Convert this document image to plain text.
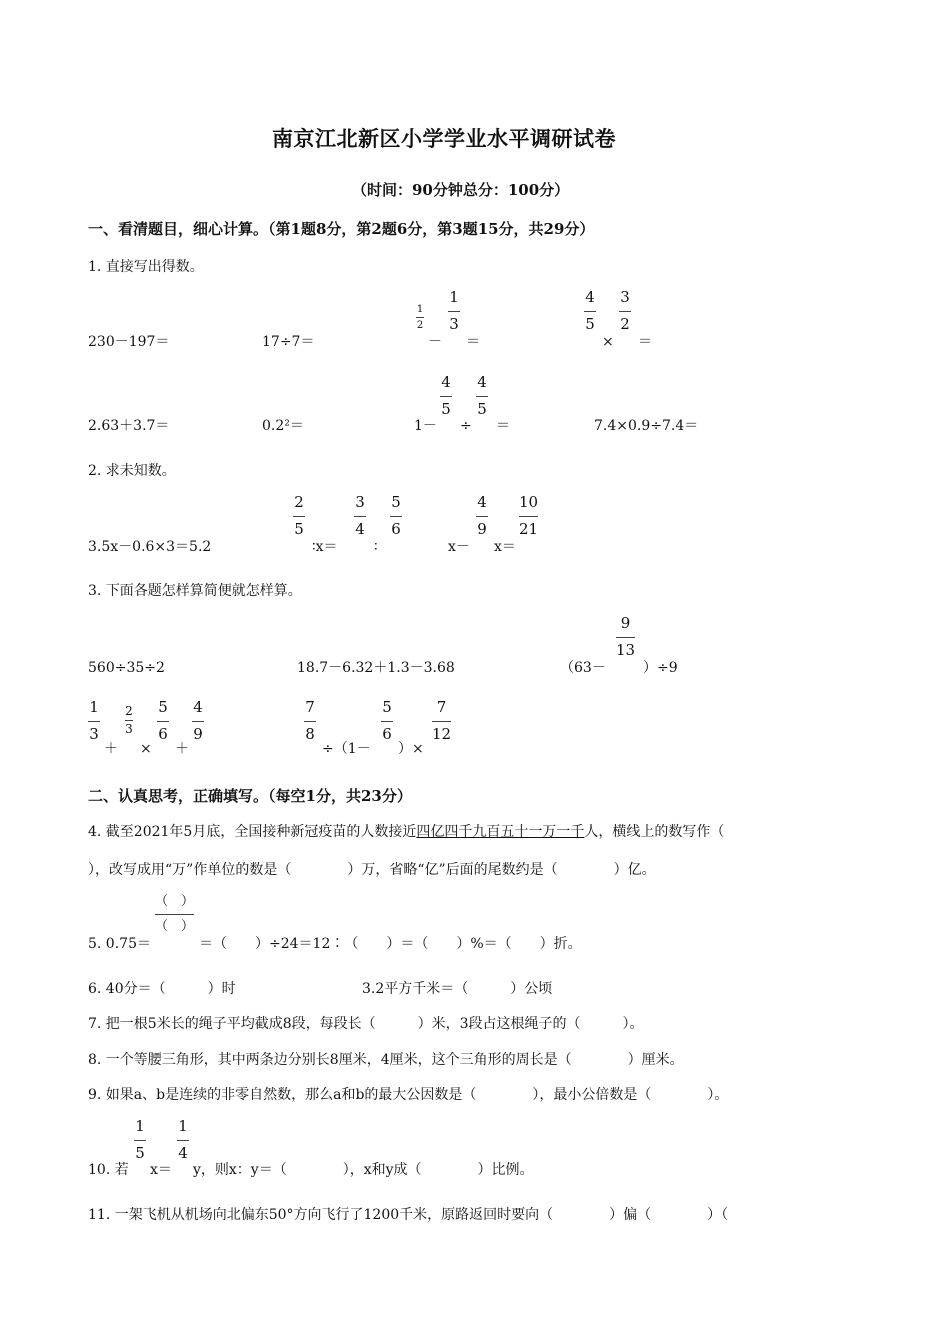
南京江北新区小学学业水平调研试卷
（时间：90分钟总分：100分）
一、看清题目，细心计算。（第1题8分，第2题6分，第3题15分，共29分）
1. 直接写出得数。
230－197＝	17÷7＝
1
2
－
1
3
＝
4
5
×
3
2
＝
2.63＋3.7＝	0.2²＝	1－
4
5
÷
4
5
＝	7.4×0.9÷7.4＝
2. 求未知数。
3.5x－0.6×3＝5.2
2
5
∶x＝
3
4
∶
5
6
x－
4
9
x＝
10
21
3. 下面各题怎样算简便就怎样算。
560÷35÷2	18.7－6.32＋1.3－3.68	（63－
9
13
）÷9
1
3
＋
2
3
×
5
6
＋
4
9
7
8
÷（1－
5
6
）×
7
12
二、认真思考，正确填写。（每空1分，共23分）
4. 截至2021年5月底，全国接种新冠疫苗的人数接近四亿四千九百五十一万一千人，横线上的数写作（
），改写成用“万”作单位的数是（　　　　）万，省略“亿”后面的尾数约是（　　　　）亿。
5. 0.75＝
（　）
（　）
＝（　　）÷24＝12∶（　　）＝（　　）%＝（　　）折。
6. 40分＝（　　　）时	3.2平方千米＝（　　　）公顷
7. 把一根5米长的绳子平均截成8段，每段长（　　　）米，3段占这根绳子的（　　　）。
8. 一个等腰三角形，其中两条边分别长8厘米，4厘米，这个三角形的周长是（　　　　）厘米。
9. 如果a、b是连续的非零自然数，那么a和b的最大公因数是（　　　　），最小公倍数是（　　　　）。
10. 若
1
5
x＝
1
4
y，则x：y＝（　　　　），x和y成（　　　　）比例。
11. 一架飞机从机场向北偏东50°方向飞行了1200千米，原路返回时要向（　　　　）偏（　　　　）（
